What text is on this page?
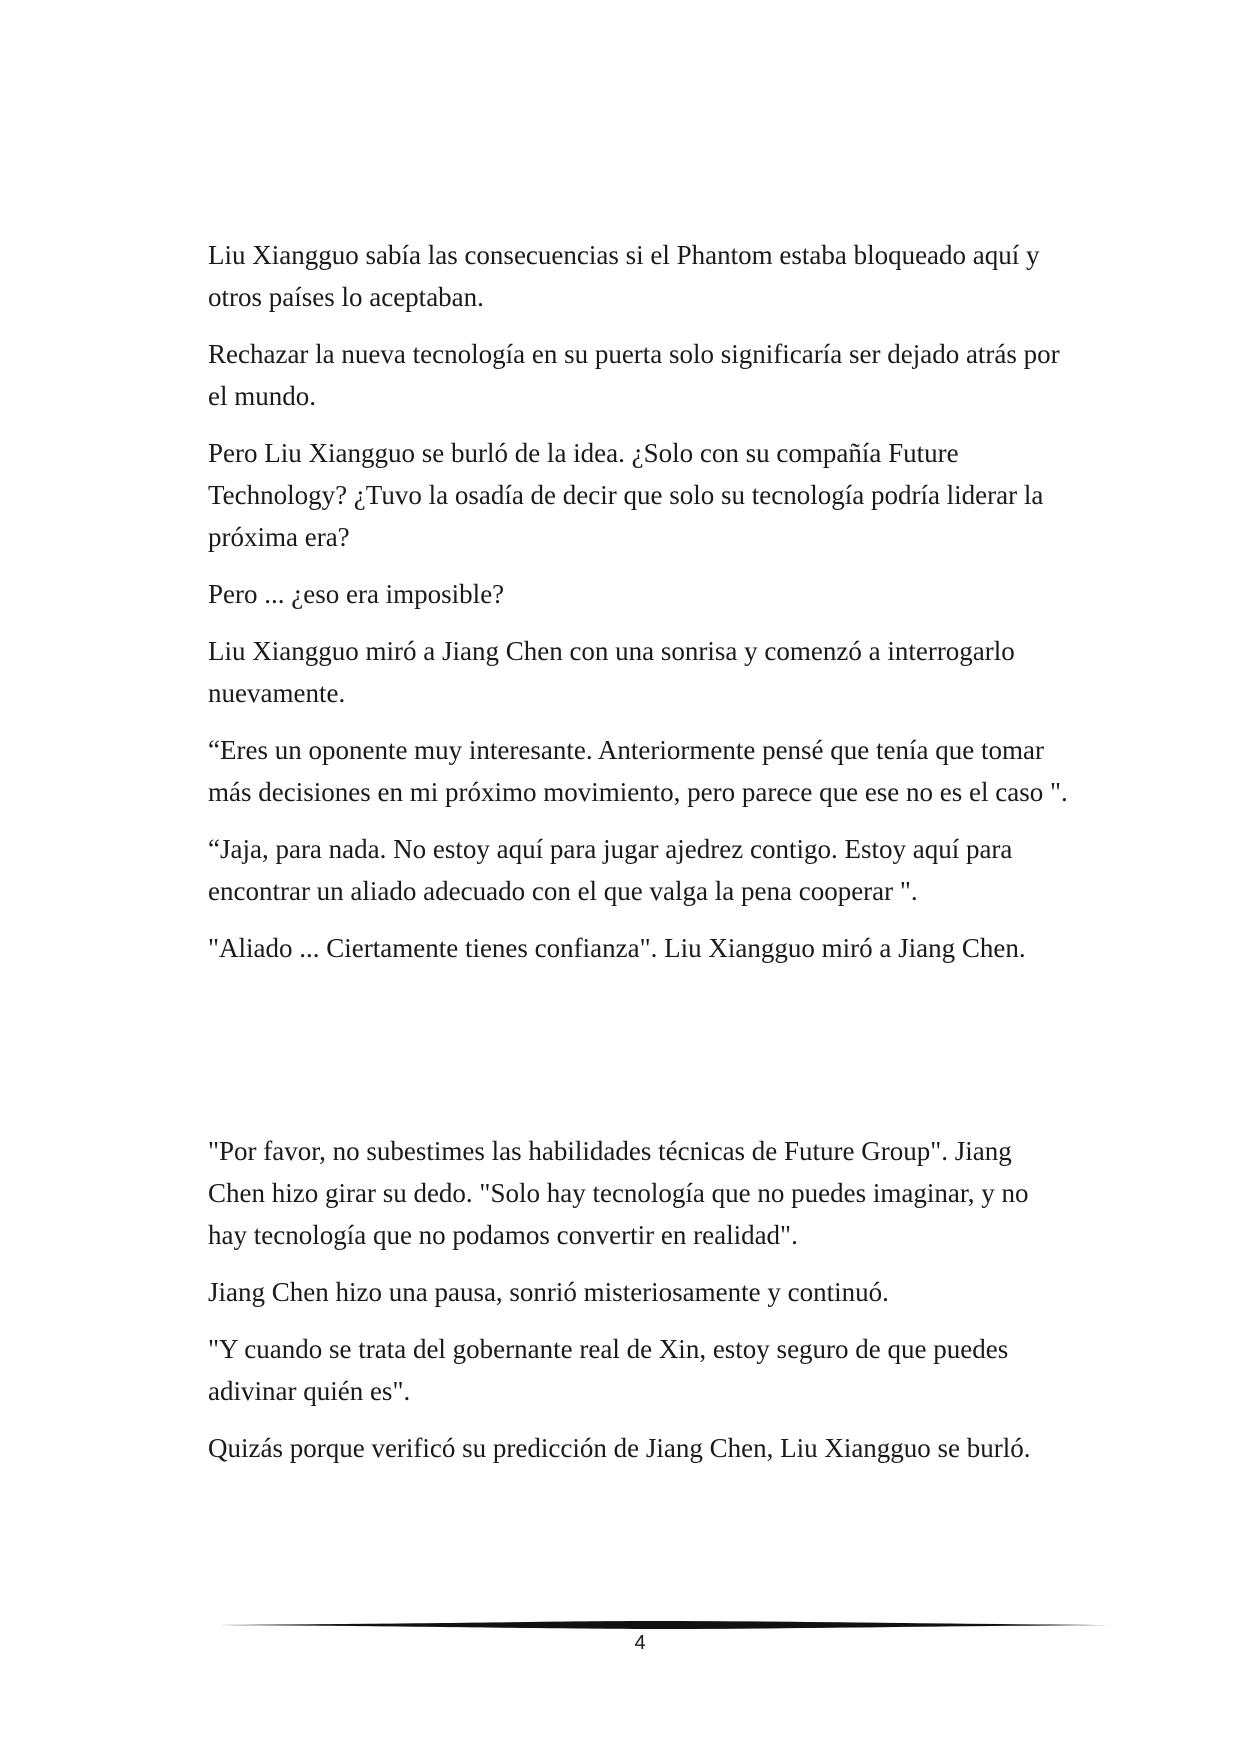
Liu Xiangguo sabía las consecuencias si el Phantom estaba bloqueado aquí y otros países lo aceptaban.

Rechazar la nueva tecnología en su puerta solo significaría ser dejado atrás por el mundo.

Pero Liu Xiangguo se burló de la idea. ¿Solo con su compañía Future Technology? ¿Tuvo la osadía de decir que solo su tecnología podría liderar la próxima era?

Pero ... ¿eso era imposible?

Liu Xiangguo miró a Jiang Chen con una sonrisa y comenzó a interrogarlo nuevamente.

“Eres un oponente muy interesante. Anteriormente pensé que tenía que tomar más decisiones en mi próximo movimiento, pero parece que ese no es el caso ".

“Jaja, para nada. No estoy aquí para jugar ajedrez contigo. Estoy aquí para encontrar un aliado adecuado con el que valga la pena cooperar ".

"Aliado ... Ciertamente tienes confianza". Liu Xiangguo miró a Jiang Chen.

"Por favor, no subestimes las habilidades técnicas de Future Group". Jiang Chen hizo girar su dedo. "Solo hay tecnología que no puedes imaginar, y no hay tecnología que no podamos convertir en realidad".

Jiang Chen hizo una pausa, sonrió misteriosamente y continuó.

"Y cuando se trata del gobernante real de Xin, estoy seguro de que puedes adivinar quién es".

Quizás porque verificó su predicción de Jiang Chen, Liu Xiangguo se burló.

4
